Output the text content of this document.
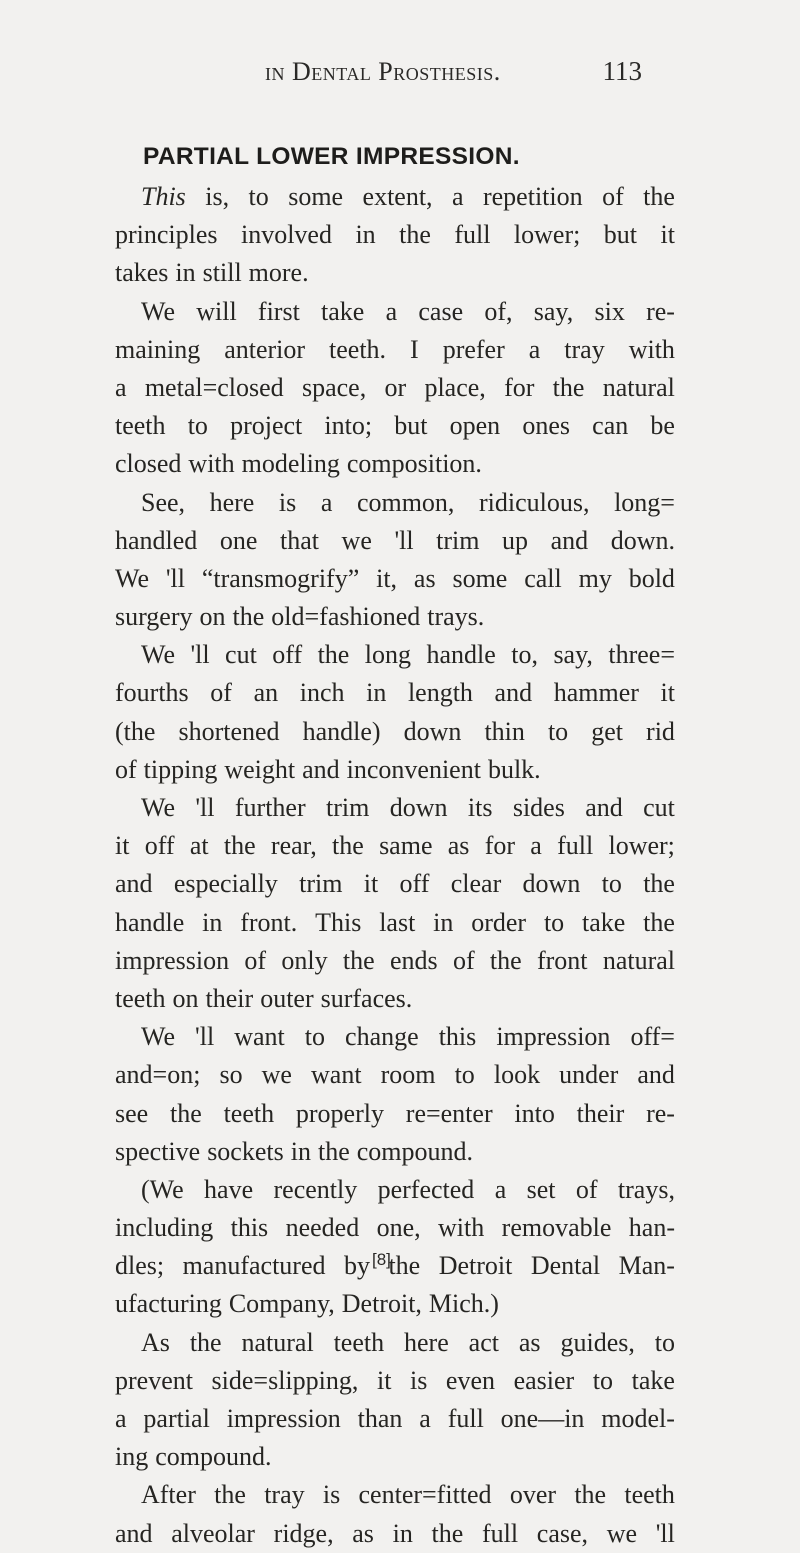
in Dental Prosthesis.	113
PARTIAL LOWER IMPRESSION.
This is, to some extent, a repetition of the
principles involved in the full lower; but it
takes in still more.
We will first take a case of, say, six re-
maining anterior teeth. I prefer a tray with
a metal=closed space, or place, for the natural
teeth to project into; but open ones can be
closed with modeling composition.
See, here is a common, ridiculous, long=
handled one that we 'll trim up and down.
We 'll “transmogrify” it, as some call my bold
surgery on the old=fashioned trays.
We 'll cut off the long handle to, say, three=
fourths of an inch in length and hammer it
(the shortened handle) down thin to get rid
of tipping weight and inconvenient bulk.
We 'll further trim down its sides and cut
it off at the rear, the same as for a full lower;
and especially trim it off clear down to the
handle in front. This last in order to take the
impression of only the ends of the front natural
teeth on their outer surfaces.
We 'll want to change this impression off=
and=on; so we want room to look under and
see the teeth properly re=enter into their re-
spective sockets in the compound.
(We have recently perfected a set of trays,
including this needed one, with removable han-
dles; manufactured by the Detroit Dental Man-
ufacturing Company, Detroit, Mich.)
As the natural teeth here act as guides, to
prevent side=slipping, it is even easier to take
a partial impression than a full one—in model-
ing compound.
After the tray is center=fitted over the teeth
and alveolar ridge, as in the full case, we 'll
[8]
